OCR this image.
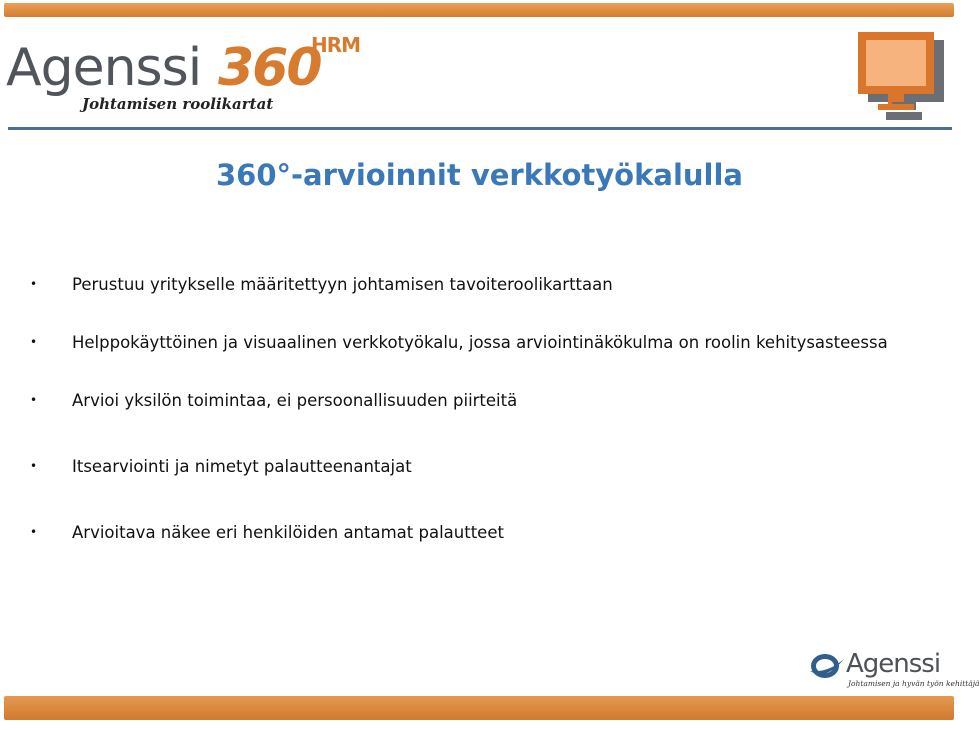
Agenssi 360
HRM
Johtamisen roolikartat
360°-arvioinnit verkkotyökalulla
• Perustuu yritykselle määritettyyn johtamisen tavoiteroolikarttaan
• Helppokäyttöinen ja visuaalinen verkkotyökalu, jossa arviointinäkökulma on roolin kehitysasteessa
• Arvioi yksilön toimintaa, ei persoonallisuuden piirteitä
• Itsearviointi ja nimetyt palautteenantajat
• Arvioitava näkee eri henkilöiden antamat palautteet
Agenssi
Johtamisen ja hyvän työn kehittäjä
